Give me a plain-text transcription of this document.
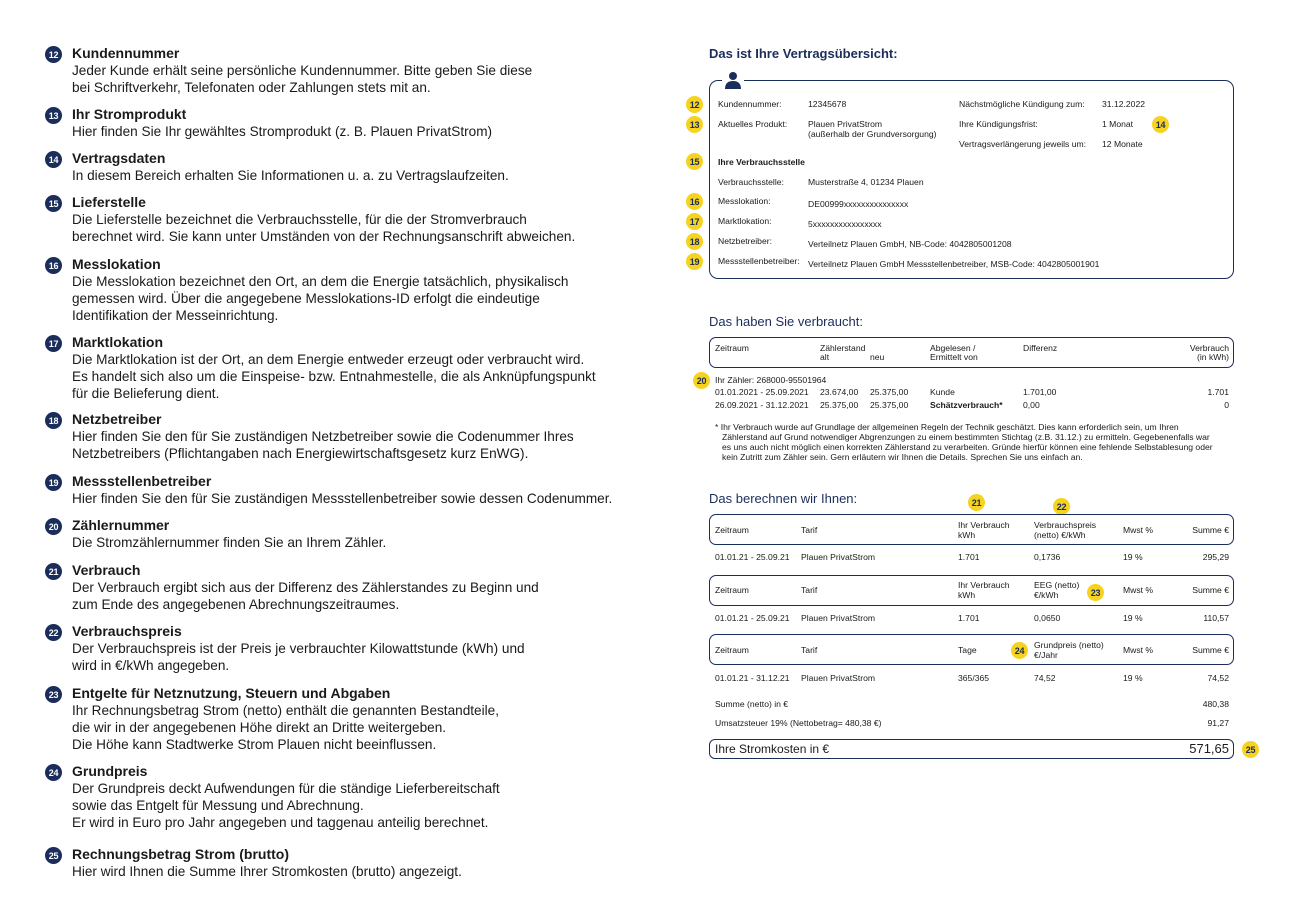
12 Kundennummer
Jeder Kunde erhält seine persönliche Kundennummer. Bitte geben Sie diese
bei Schriftverkehr, Telefonaten oder Zahlungen stets mit an.
13 Ihr Stromprodukt
Hier finden Sie Ihr gewähltes Stromprodukt (z. B. Plauen PrivatStrom)
14 Vertragsdaten
In diesem Bereich erhalten Sie Informationen u. a. zu Vertragslaufzeiten.
15 Lieferstelle
Die Lieferstelle bezeichnet die Verbrauchsstelle, für die der Stromverbrauch
berechnet wird. Sie kann unter Umständen von der Rechnungsanschrift abweichen.
16 Messlokation
Die Messlokation bezeichnet den Ort, an dem die Energie tatsächlich, physikalisch
gemessen wird. Über die angegebene Messlokations-ID erfolgt die eindeutige
Identifikation der Messeinrichtung.
17 Marktlokation
Die Marktlokation ist der Ort, an dem Energie entweder erzeugt oder verbraucht wird.
Es handelt sich also um die Einspeise- bzw. Entnahmestelle, die als Anknüpfungspunkt
für die Belieferung dient.
18 Netzbetreiber
Hier finden Sie den für Sie zuständigen Netzbetreiber sowie die Codenummer Ihres
Netzbetreibers (Pflichtangaben nach Energiewirtschaftsgesetz kurz EnWG).
19 Messstellenbetreiber
Hier finden Sie den für Sie zuständigen Messstellenbetreiber sowie dessen Codenummer.
20 Zählernummer
Die Stromzählernummer finden Sie an Ihrem Zähler.
21 Verbrauch
Der Verbrauch ergibt sich aus der Differenz des Zählerstandes zu Beginn und
zum Ende des angegebenen Abrechnungszeitraumes.
22 Verbrauchspreis
Der Verbrauchspreis ist der Preis je verbrauchter Kilowattstunde (kWh) und
wird in €/kWh angegeben.
23 Entgelte für Netznutzung, Steuern und Abgaben
Ihr Rechnungsbetrag Strom (netto) enthält die genannten Bestandteile,
die wir in der angegebenen Höhe direkt an Dritte weitergeben.
Die Höhe kann Stadtwerke Strom Plauen nicht beeinflussen.
24 Grundpreis
Der Grundpreis deckt Aufwendungen für die ständige Lieferbereitschaft
sowie das Entgelt für Messung und Abrechnung.
Er wird in Euro pro Jahr angegeben und taggenau anteilig berechnet.
25 Rechnungsbetrag Strom (brutto)
Hier wird Ihnen die Summe Ihrer Stromkosten (brutto) angezeigt.
Das ist Ihre Vertragsübersicht:
12	Kundennummer:	12345678	Nächstmögliche Kündigung zum: 31.12.2022
13	Aktuelles Produkt: Plauen PrivatStrom
(außerhalb der Grundversorgung)
Ihre Kündigungsfrist:	1 Monat	14
Vertragsverlängerung jeweils um: 12 Monate
15	Ihre Verbrauchsstelle
Verbrauchsstelle:	Musterstraße 4, 01234 Plauen
16	Messlokation:	DE00999xxxxxxxxxxxxxxx
17	Marktlokation:	5xxxxxxxxxxxxxxxx
18	Netzbetreiber:	Verteilnetz Plauen GmbH, NB-Code: 4042805001208
19	Messstellenbetreiber: Verteilnetz Plauen GmbH Messstellenbetreiber, MSB-Code: 4042805001901
Das haben Sie verbraucht:
Zeitraum	Zählerstand
alt	neu
Abgelesen /
Ermittelt von
Differenz	Verbrauch
(in kWh)
20	Ihr Zähler: 268000-95501964
01.01.2021 - 25.09.2021 23.674,00 25.375,00	Kunde	1.701,00	1.701
26.09.2021 - 31.12.2021 25.375,00 25.375,00	Schätzverbrauch* 0,00	0
* Ihr Verbrauch wurde auf Grundlage der allgemeinen Regeln der Technik geschätzt. Dies kann erforderlich sein, um Ihren
Zählerstand auf Grund notwendiger Abgrenzungen zu einem bestimmten Stichtag (z.B. 31.12.) zu ermitteln. Gegebenenfalls war
es uns auch nicht möglich einen korrekten Zählerstand zu verarbeiten. Gründe hierfür können eine fehlende Selbstablesung oder
kein Zutritt zum Zähler sein. Gern erläutern wir Ihnen die Details. Sprechen Sie uns einfach an.
Das berechnen wir Ihnen:	21	22
Zeitraum	Tarif	Ihr Verbrauch
kWh
Verbrauchspreis
(netto) €/kWh	Mwst %	Summe €
01.01.21 - 25.09.21 Plauen PrivatStrom	1.701	0,1736	19 %	295,29
Zeitraum	Tarif	Ihr Verbrauch
kWh
EEG (netto)
€/kWh	23	Mwst %	Summe €
01.01.21 - 25.09.21 Plauen PrivatStrom	1.701	0,0650	19 %	110,57
Zeitraum	Tarif	Tage	24
Grundpreis (netto)
€/Jahr	Mwst %	Summe €
01.01.21 - 31.12.21 Plauen PrivatStrom	365/365	74,52	19 %	74,52
Summe (netto) in €	480,38
Umsatzsteuer 19% (Nettobetrag= 480,38 €)	91,27
Ihre Stromkosten in €	571,65	25
